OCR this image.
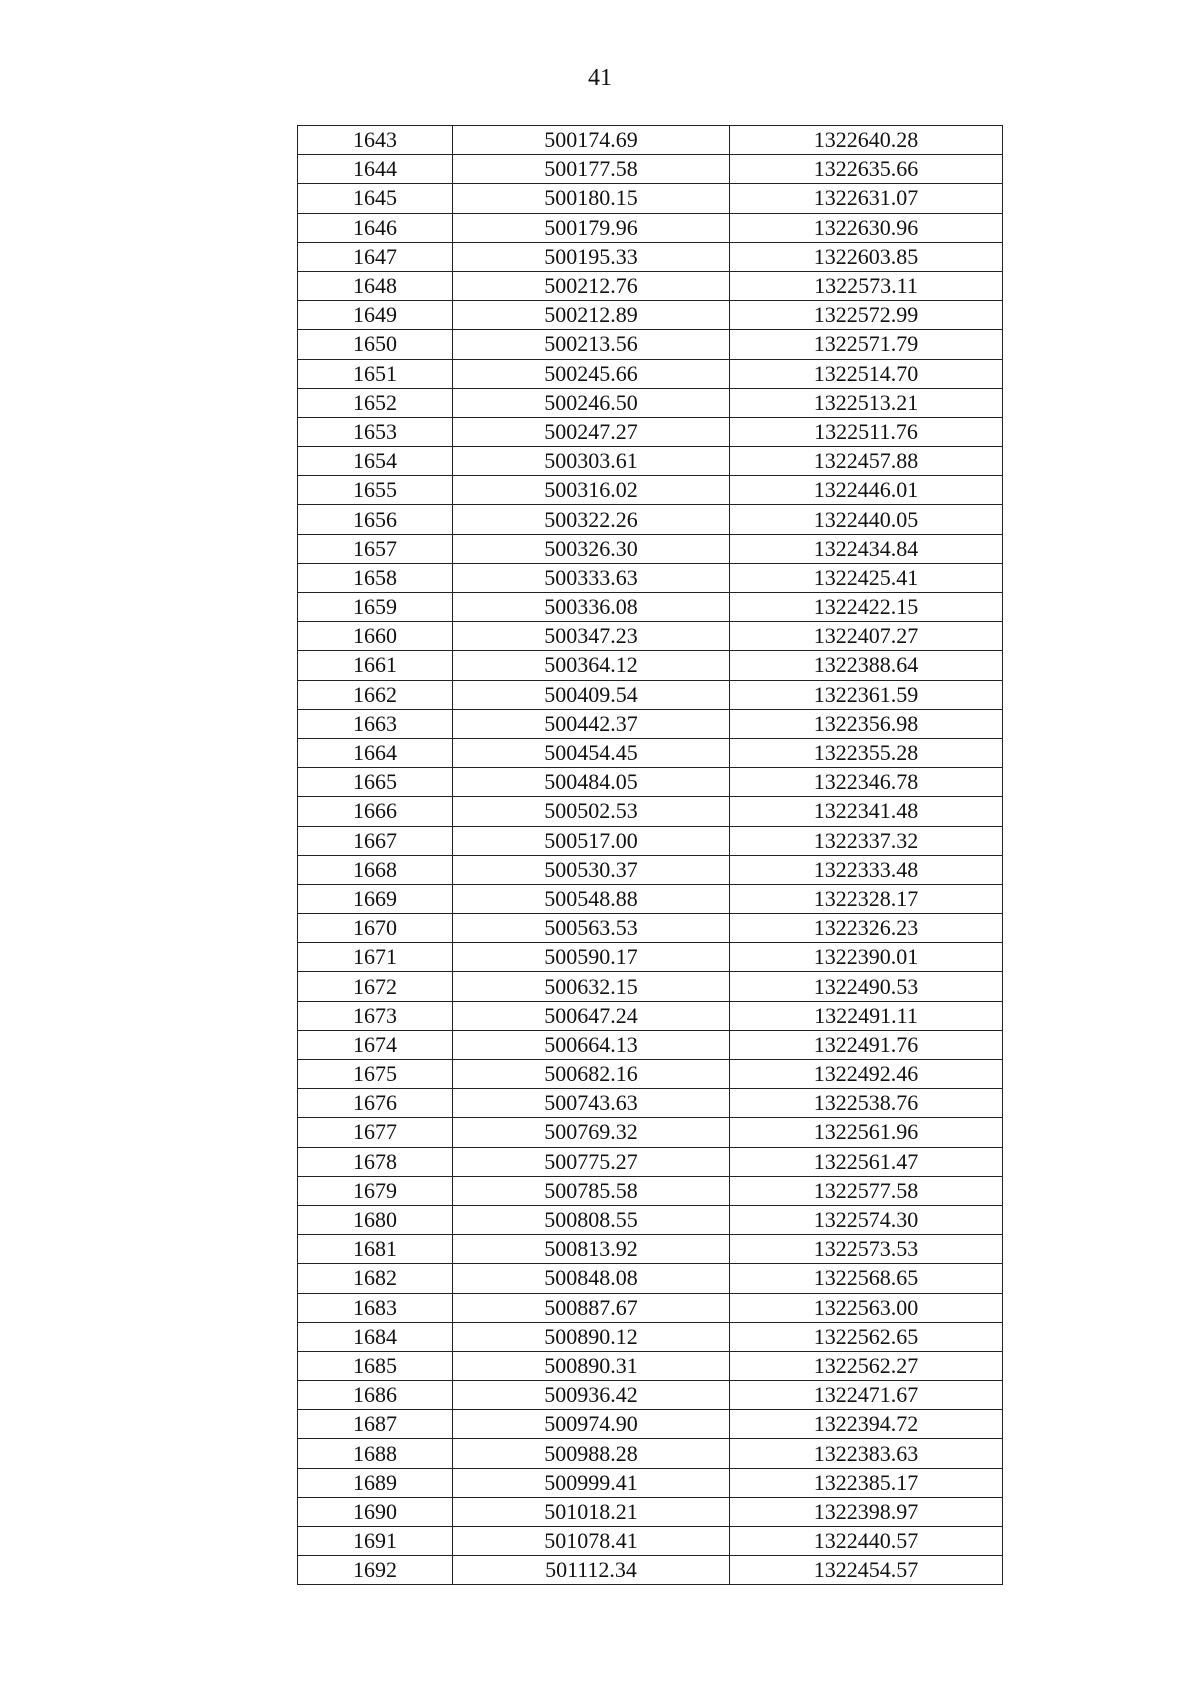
41
1643	500174.69	1322640.28
1644	500177.58	1322635.66
1645	500180.15	1322631.07
1646	500179.96	1322630.96
1647	500195.33	1322603.85
1648	500212.76	1322573.11
1649	500212.89	1322572.99
1650	500213.56	1322571.79
1651	500245.66	1322514.70
1652	500246.50	1322513.21
1653	500247.27	1322511.76
1654	500303.61	1322457.88
1655	500316.02	1322446.01
1656	500322.26	1322440.05
1657	500326.30	1322434.84
1658	500333.63	1322425.41
1659	500336.08	1322422.15
1660	500347.23	1322407.27
1661	500364.12	1322388.64
1662	500409.54	1322361.59
1663	500442.37	1322356.98
1664	500454.45	1322355.28
1665	500484.05	1322346.78
1666	500502.53	1322341.48
1667	500517.00	1322337.32
1668	500530.37	1322333.48
1669	500548.88	1322328.17
1670	500563.53	1322326.23
1671	500590.17	1322390.01
1672	500632.15	1322490.53
1673	500647.24	1322491.11
1674	500664.13	1322491.76
1675	500682.16	1322492.46
1676	500743.63	1322538.76
1677	500769.32	1322561.96
1678	500775.27	1322561.47
1679	500785.58	1322577.58
1680	500808.55	1322574.30
1681	500813.92	1322573.53
1682	500848.08	1322568.65
1683	500887.67	1322563.00
1684	500890.12	1322562.65
1685	500890.31	1322562.27
1686	500936.42	1322471.67
1687	500974.90	1322394.72
1688	500988.28	1322383.63
1689	500999.41	1322385.17
1690	501018.21	1322398.97
1691	501078.41	1322440.57
1692	501112.34	1322454.57
